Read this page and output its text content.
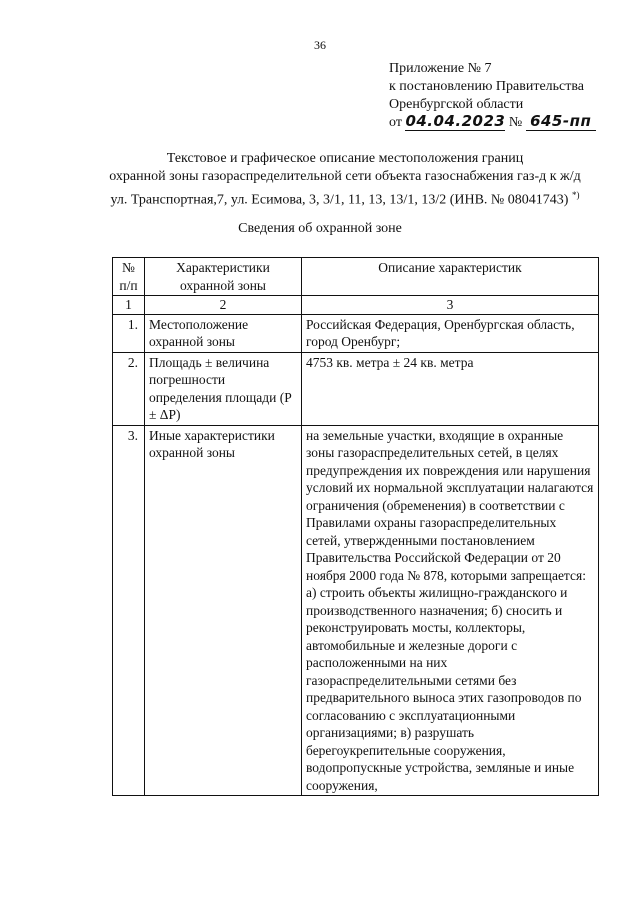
36
Приложение № 7
к постановлению Правительства
Оренбургской области
от 04.04.2023 № 645-пп
Текстовое и графическое описание местоположения границ
охранной зоны газораспределительной сети объекта газоснабжения газ-д к ж/д
ул. Транспортная,7, ул. Есимова, 3, 3/1, 11, 13, 13/1, 13/2 (ИНВ. № 08041743) *)
Сведения об охранной зоне
№ п/п	Характеристики охранной зоны	Описание характеристик
1	2	3
1.	Местоположение охранной зоны	Российская Федерация, Оренбургская область, город Оренбург;
2.	Площадь ± величина погрешности определения площади (P ± ΔP)	4753 кв. метра ± 24 кв. метра
3.	Иные характеристики охранной зоны	на земельные участки, входящие в охранные зоны газораспределительных сетей, в целях предупреждения их повреждения или нарушения условий их нормальной эксплуатации налагаются ограничения (обременения) в соответствии с Правилами охраны газораспределительных сетей, утвержденными постановлением Правительства Российской Федерации от 20 ноября 2000 года № 878, которыми запрещается: а) строить объекты жилищно-гражданского и производственного назначения; б) сносить и реконструировать мосты, коллекторы, автомобильные и железные дороги с расположенными на них газораспределительными сетями без предварительного выноса этих газопроводов по согласованию с эксплуатационными организациями; в) разрушать берегоукрепительные сооружения, водопропускные устройства, земляные и иные сооружения,
